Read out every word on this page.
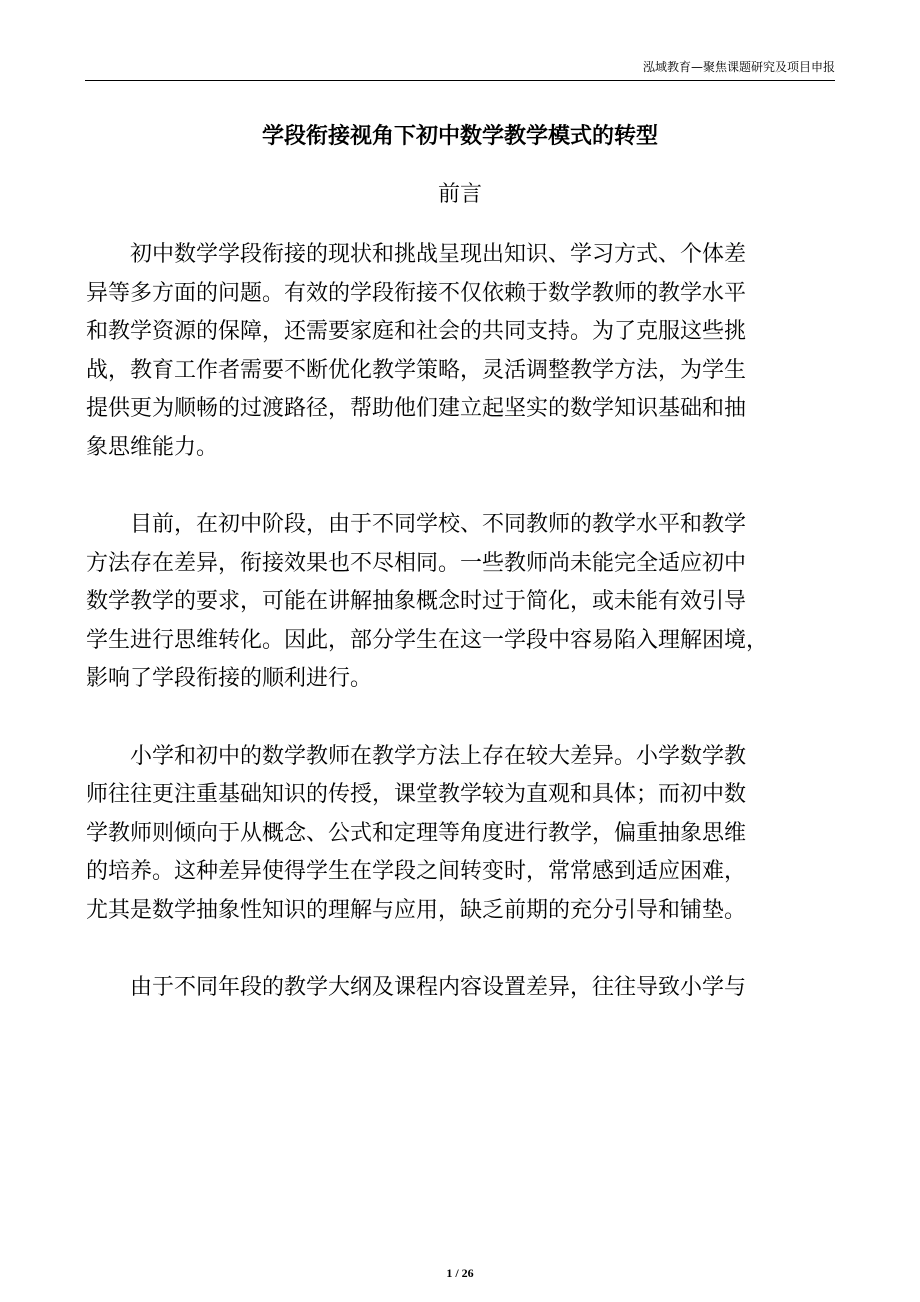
泓域教育—聚焦课题研究及项目申报
学段衔接视角下初中数学教学模式的转型
前言
初中数学学段衔接的现状和挑战呈现出知识、学习方式、个体差
异等多方面的问题。有效的学段衔接不仅依赖于数学教师的教学水平
和教学资源的保障，还需要家庭和社会的共同支持。为了克服这些挑
战，教育工作者需要不断优化教学策略，灵活调整教学方法，为学生
提供更为顺畅的过渡路径，帮助他们建立起坚实的数学知识基础和抽
象思维能力。
目前，在初中阶段，由于不同学校、不同教师的教学水平和教学
方法存在差异，衔接效果也不尽相同。一些教师尚未能完全适应初中
数学教学的要求，可能在讲解抽象概念时过于简化，或未能有效引导
学生进行思维转化。因此，部分学生在这一学段中容易陷入理解困境，
影响了学段衔接的顺利进行。
小学和初中的数学教师在教学方法上存在较大差异。小学数学教
师往往更注重基础知识的传授，课堂教学较为直观和具体；而初中数
学教师则倾向于从概念、公式和定理等角度进行教学，偏重抽象思维
的培养。这种差异使得学生在学段之间转变时，常常感到适应困难，
尤其是数学抽象性知识的理解与应用，缺乏前期的充分引导和铺垫。
由于不同年段的教学大纲及课程内容设置差异，往往导致小学与
1 / 26
